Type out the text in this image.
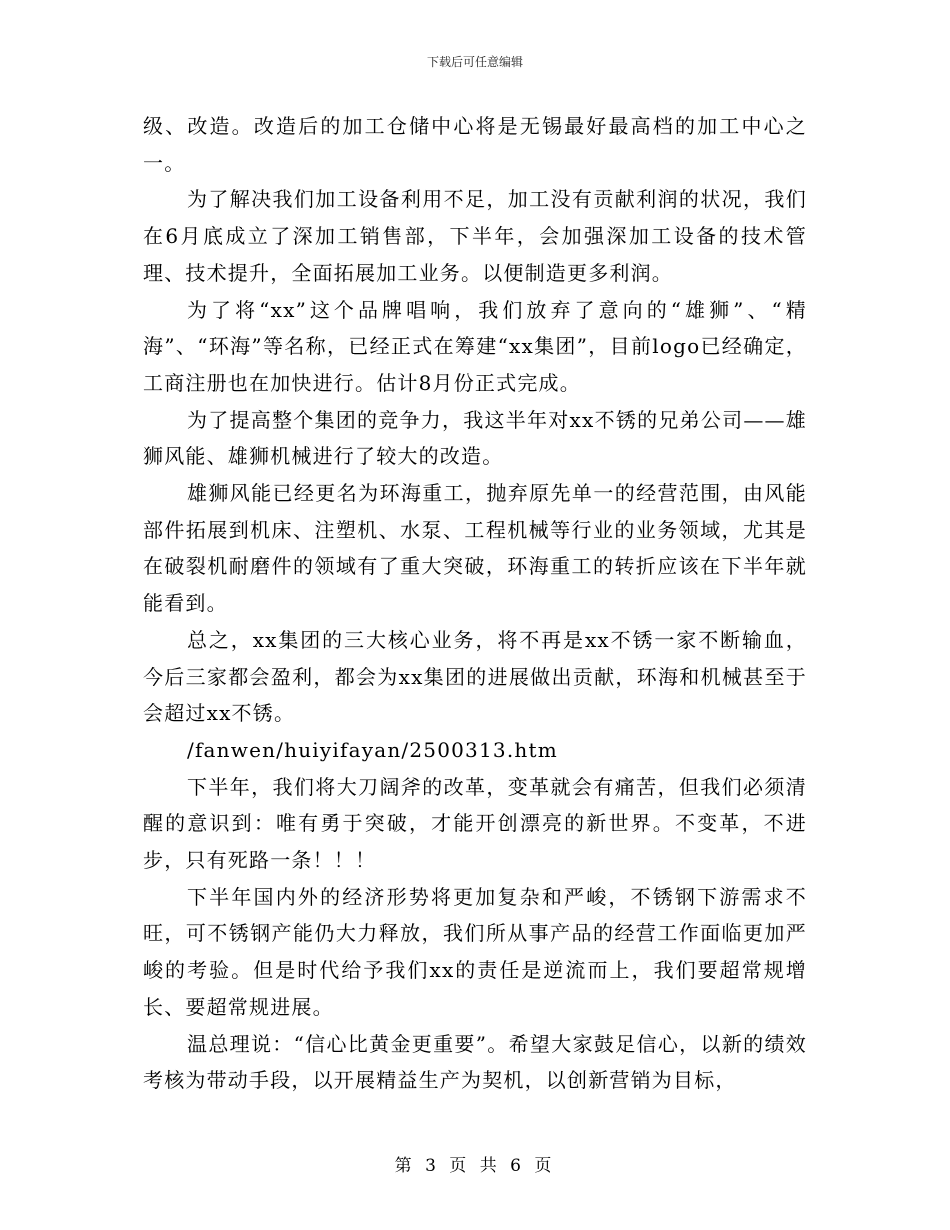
下载后可任意编辑

级、改造。改造后的加工仓储中心将是无锡最好最高档的加工中心之一。

为了解决我们加工设备利用不足，加工没有贡献利润的状况，我们在6月底成立了深加工销售部，下半年，会加强深加工设备的技术管理、技术提升，全面拓展加工业务。以便制造更多利润。

为了将“xx”这个品牌唱响，我们放弃了意向的“雄狮”、“精海”、“环海”等名称，已经正式在筹建“xx集团”，目前logo已经确定，工商注册也在加快进行。估计8月份正式完成。

为了提高整个集团的竞争力，我这半年对xx不锈的兄弟公司——雄狮风能、雄狮机械进行了较大的改造。

雄狮风能已经更名为环海重工，抛弃原先单一的经营范围，由风能部件拓展到机床、注塑机、水泵、工程机械等行业的业务领域，尤其是在破裂机耐磨件的领域有了重大突破，环海重工的转折应该在下半年就能看到。

总之，xx集团的三大核心业务，将不再是xx不锈一家不断输血，今后三家都会盈利，都会为xx集团的进展做出贡献，环海和机械甚至于会超过xx不锈。

/fanwen/huiyifayan/2500313.htm

下半年，我们将大刀阔斧的改革，变革就会有痛苦，但我们必须清醒的意识到：唯有勇于突破，才能开创漂亮的新世界。不变革，不进步，只有死路一条！！！

下半年国内外的经济形势将更加复杂和严峻，不锈钢下游需求不旺，可不锈钢产能仍大力释放，我们所从事产品的经营工作面临更加严峻的考验。但是时代给予我们xx的责任是逆流而上，我们要超常规增长、要超常规进展。

温总理说：“信心比黄金更重要”。希望大家鼓足信心，以新的绩效考核为带动手段，以开展精益生产为契机，以创新营销为目标，

第 3 页 共 6 页
